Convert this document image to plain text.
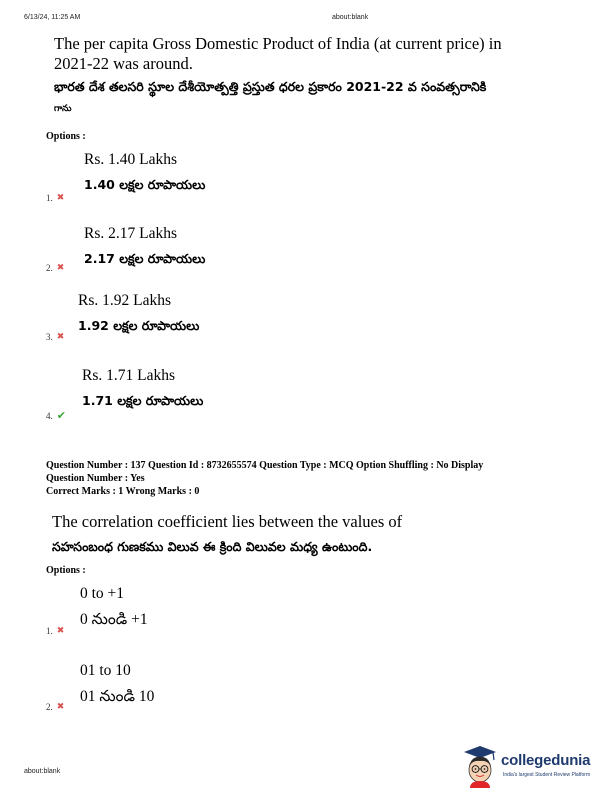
6/13/24, 11:25 AM	about:blank
The per capita Gross Domestic Product of India (at current price) in
2021-22 was around.
భారత దేశ తలసరి స్థూల దేశీయోత్పత్తి ప్రస్తుత ధరల ప్రకారం 2021-22 వ సంవత్సరానికి
గాను
Options :
Rs. 1.40 Lakhs
1.40 లక్షల రూపాయలు
1. ✖
Rs. 2.17 Lakhs
2.17 లక్షల రూపాయలు
2. ✖
Rs. 1.92 Lakhs
1.92 లక్షల రూపాయలు
3. ✖
Rs. 1.71 Lakhs
1.71 లక్షల రూపాయలు
4. ✔
Question Number : 137 Question Id : 8732655574 Question Type : MCQ Option Shuffling : No Display
Question Number : Yes
Correct Marks : 1 Wrong Marks : 0
The correlation coefficient lies between the values of
సహసంబంధ గుణకము విలువ ఈ క్రింది విలువల మధ్య ఉంటుంది.
Options :
0 to +1
0 నుండి +1
1. ✖
01 to 10
01 నుండి 10
2. ✖
about:blank
collegedunia
India's largest Student Review Platform
